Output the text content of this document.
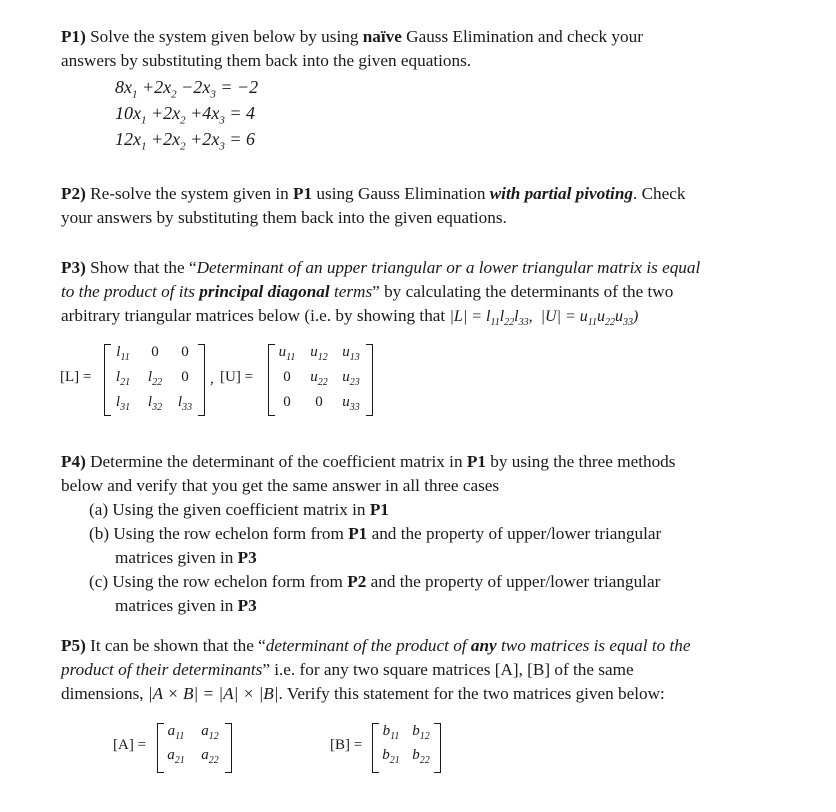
P1) Solve the system given below by using naïve Gauss Elimination and check your
answers by substituting them back into the given equations.
$8x_1 +2x_2 -2x_3 = -2$
$10x_1 +2x_2 +4x_3 = 4$
$12x_1 +2x_2 +2x_3 = 6$
P2) Re-solve the system given in P1 using Gauss Elimination with partial pivoting. Check
your answers by substituting them back into the given equations.
P3) Show that the “Determinant of an upper triangular or a lower triangular matrix is equal
to the product of its principal diagonal terms” by calculating the determinants of the two
arbitrary triangular matrices below (i.e. by showing that $|L| = l_{11}l_{22}l_{33}$,  $|U| = u_{11}u_{22}u_{33}$)
[L] =
$l_{11}$	0	0
$l_{21}$	$l_{22}$	0
$l_{31}$	$l_{32}$	$l_{33}$
, [U] =
$u_{11}$ $u_{12}$ $u_{13}$
0	$u_{22}$ $u_{23}$
0	0	$u_{33}$
P4) Determine the determinant of the coefficient matrix in P1 by using the three methods
below and verify that you get the same answer in all three cases
(a) Using the given coefficient matrix in P1
(b) Using the row echelon form from P1 and the property of upper/lower triangular
matrices given in P3
(c) Using the row echelon form from P2 and the property of upper/lower triangular
matrices given in P3
P5) It can be shown that the “determinant of the product of any two matrices is equal to the
product of their determinants” i.e. for any two square matrices [A], [B] of the same
dimensions, |A × B| = |A| × |B|. Verify this statement for the two matrices given below:
[A] =
$a_{11}$	$a_{12}$
$a_{21}$ $a_{22}$
[B] =
$b_{11}$ $b_{12}$
$b_{21}$ $b_{22}$
